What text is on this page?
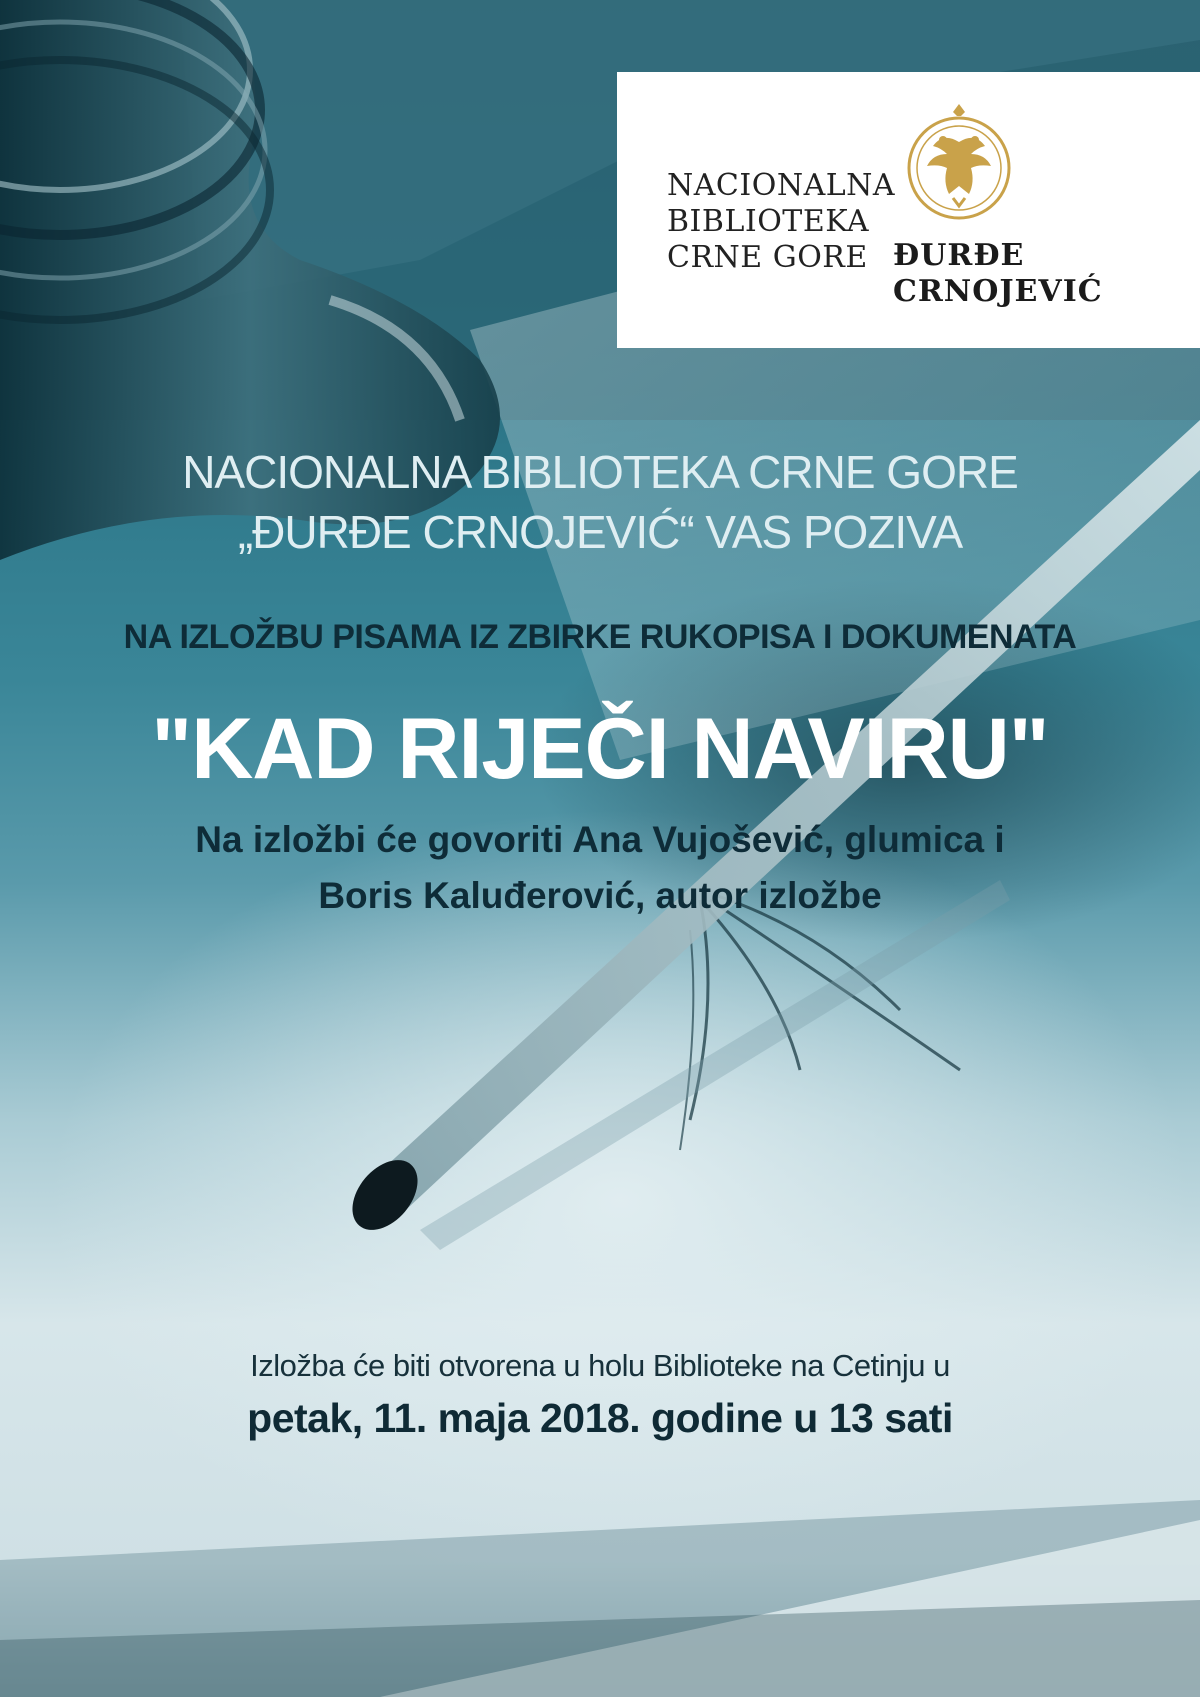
NACIONALNA
BIBLIOTEKA
CRNE GORE ĐURĐE
CRNOJEVIĆ

NACIONALNA BIBLIOTEKA CRNE GORE
„ĐURĐE CRNOJEVIĆ“ VAS POZIVA

NA IZLOŽBU PISAMA IZ ZBIRKE RUKOPISA I DOKUMENATA

"KAD RIJEČI NAVIRU"

Na izložbi će govoriti Ana Vujošević, glumica i
Boris Kaluđerović, autor izložbe

Izložba će biti otvorena u holu Biblioteke na Cetinju u

petak, 11. maja 2018. godine u 13 sati
